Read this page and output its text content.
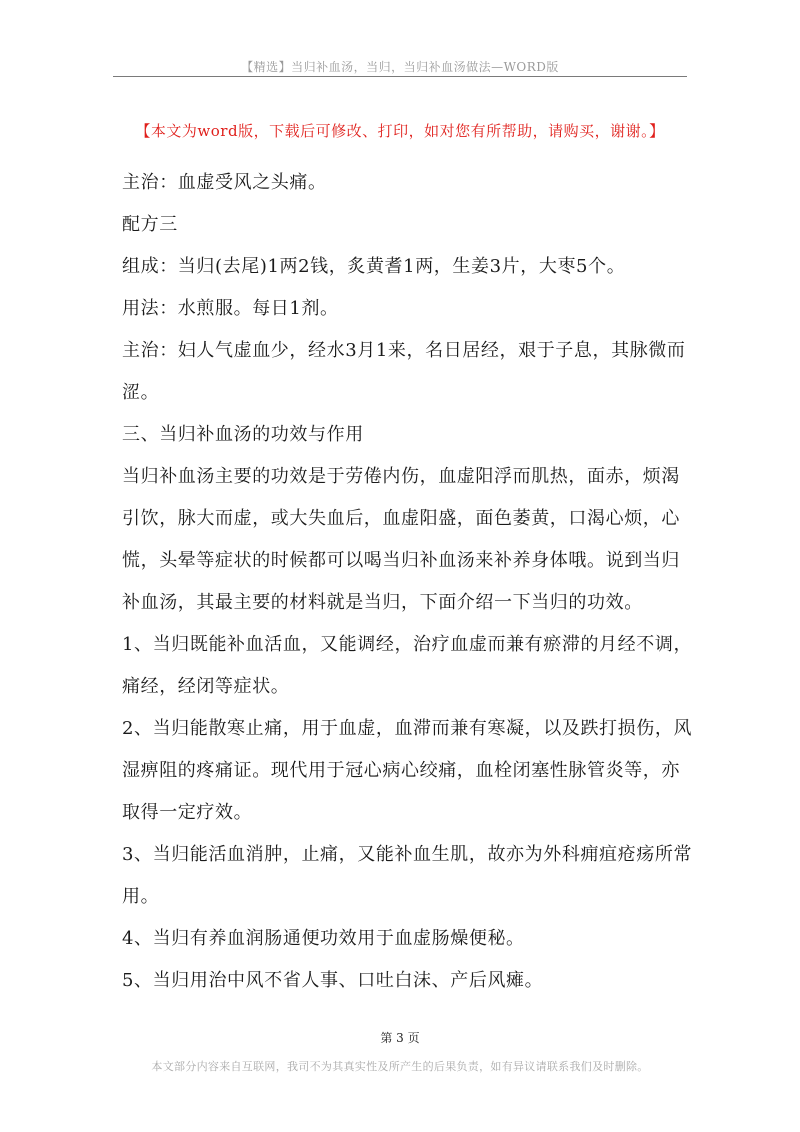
【精选】当归补血汤，当归，当归补血汤做法—WORD版
【本文为word版，下载后可修改、打印，如对您有所帮助，请购买，谢谢。】

主治：血虚受风之头痛。

配方三

组成：当归(去尾)1两2钱，炙黄耆1两，生姜3片，大枣5个。

用法：水煎服。每日1剂。

主治：妇人气虚血少，经水3月1来，名日居经，艰于子息，其脉微而涩。

三、当归补血汤的功效与作用

当归补血汤主要的功效是于劳倦内伤，血虚阳浮而肌热，面赤，烦渴引饮，脉大而虚，或大失血后，血虚阳盛，面色萎黄，口渴心烦，心慌，头晕等症状的时候都可以喝当归补血汤来补养身体哦。说到当归补血汤，其最主要的材料就是当归，下面介绍一下当归的功效。

1、当归既能补血活血，又能调经，治疗血虚而兼有瘀滞的月经不调，痛经，经闭等症状。

2、当归能散寒止痛，用于血虚，血滞而兼有寒凝，以及跌打损伤，风湿痹阻的疼痛证。现代用于冠心病心绞痛，血栓闭塞性脉管炎等，亦取得一定疗效。

3、当归能活血消肿，止痛，又能补血生肌，故亦为外科痈疽疮疡所常用。

4、当归有养血润肠通便功效用于血虚肠燥便秘。

5、当归用治中风不省人事、口吐白沫、产后风瘫。

第 3 页
本文部分内容来自互联网，我司不为其真实性及所产生的后果负责，如有异议请联系我们及时删除。
